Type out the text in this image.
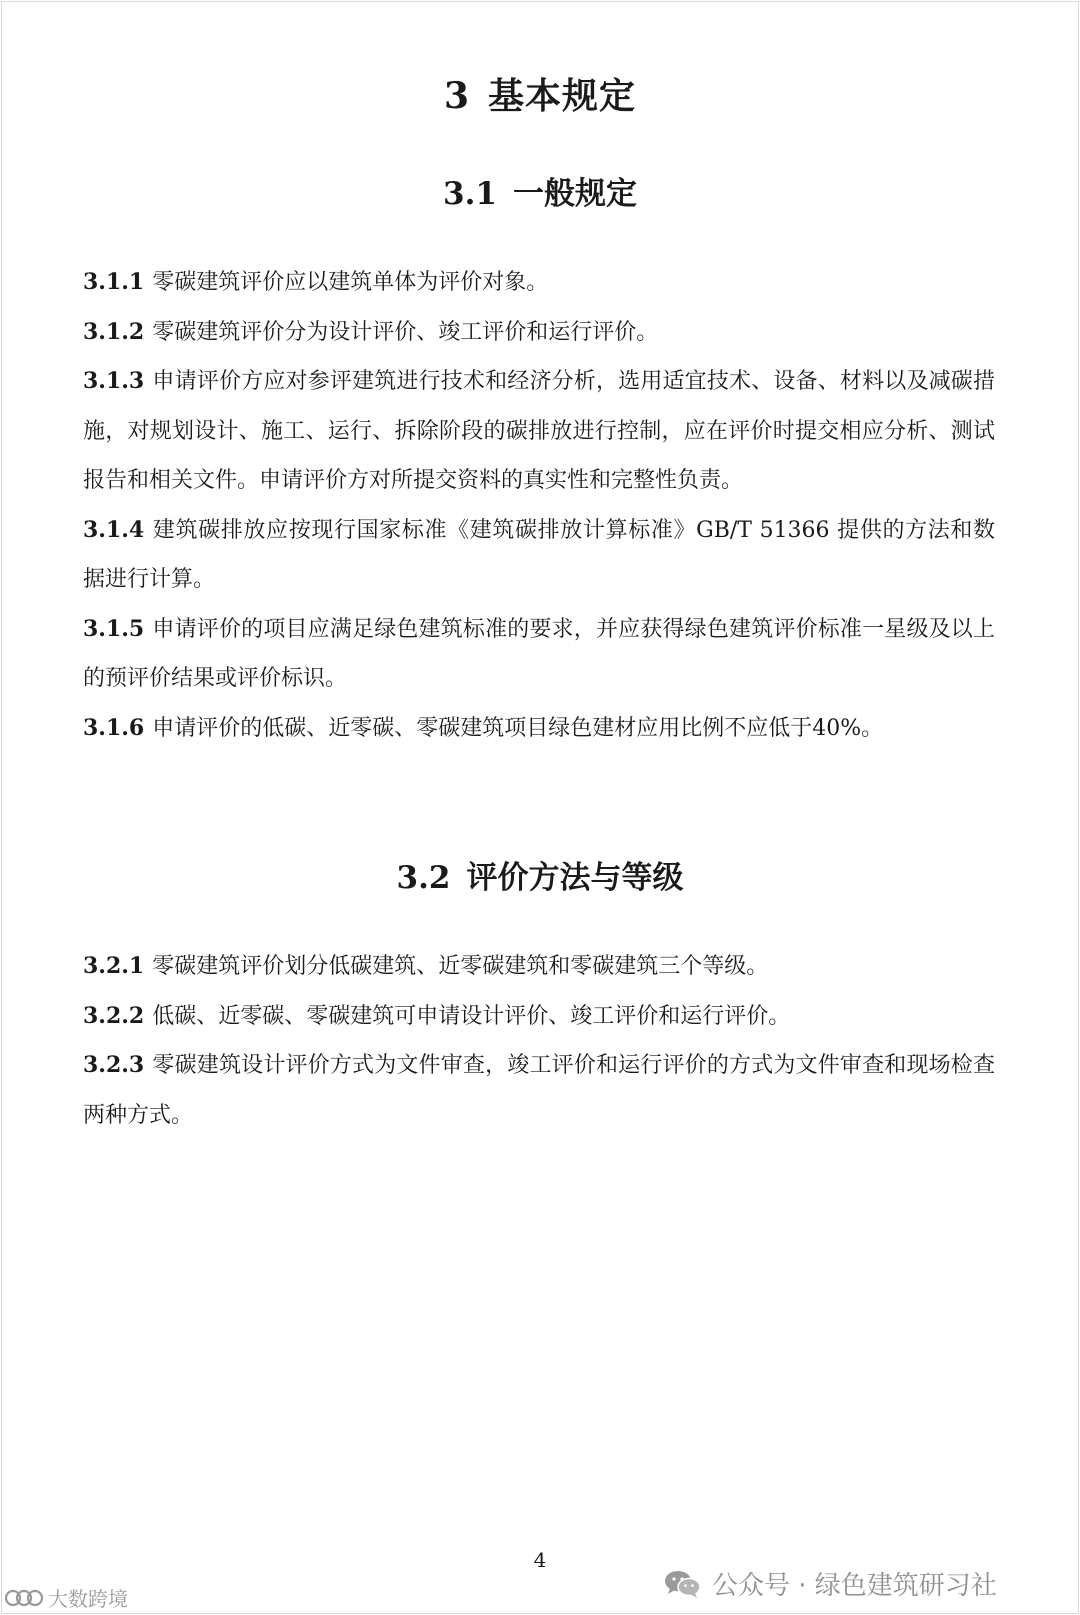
3 基本规定
3.1 一般规定

3.1.1 零碳建筑评价应以建筑单体为评价对象。

3.1.2 零碳建筑评价分为设计评价、竣工评价和运行评价。

3.1.3 申请评价方应对参评建筑进行技术和经济分析，选用适宜技术、设备、材料以及减碳措施，对规划设计、施工、运行、拆除阶段的碳排放进行控制，应在评价时提交相应分析、测试报告和相关文件。申请评价方对所提交资料的真实性和完整性负责。

3.1.4 建筑碳排放应按现行国家标准《建筑碳排放计算标准》GB/T 51366 提供的方法和数据进行计算。

3.1.5 申请评价的项目应满足绿色建筑标准的要求，并应获得绿色建筑评价标准一星级及以上的预评价结果或评价标识。

3.1.6 申请评价的低碳、近零碳、零碳建筑项目绿色建材应用比例不应低于40%。

3.2 评价方法与等级

3.2.1 零碳建筑评价划分低碳建筑、近零碳建筑和零碳建筑三个等级。

3.2.2 低碳、近零碳、零碳建筑可申请设计评价、竣工评价和运行评价。

3.2.3 零碳建筑设计评价方式为文件审查，竣工评价和运行评价的方式为文件审查和现场检查两种方式。

4
公众号 · 绿色建筑研习社
大数跨境
